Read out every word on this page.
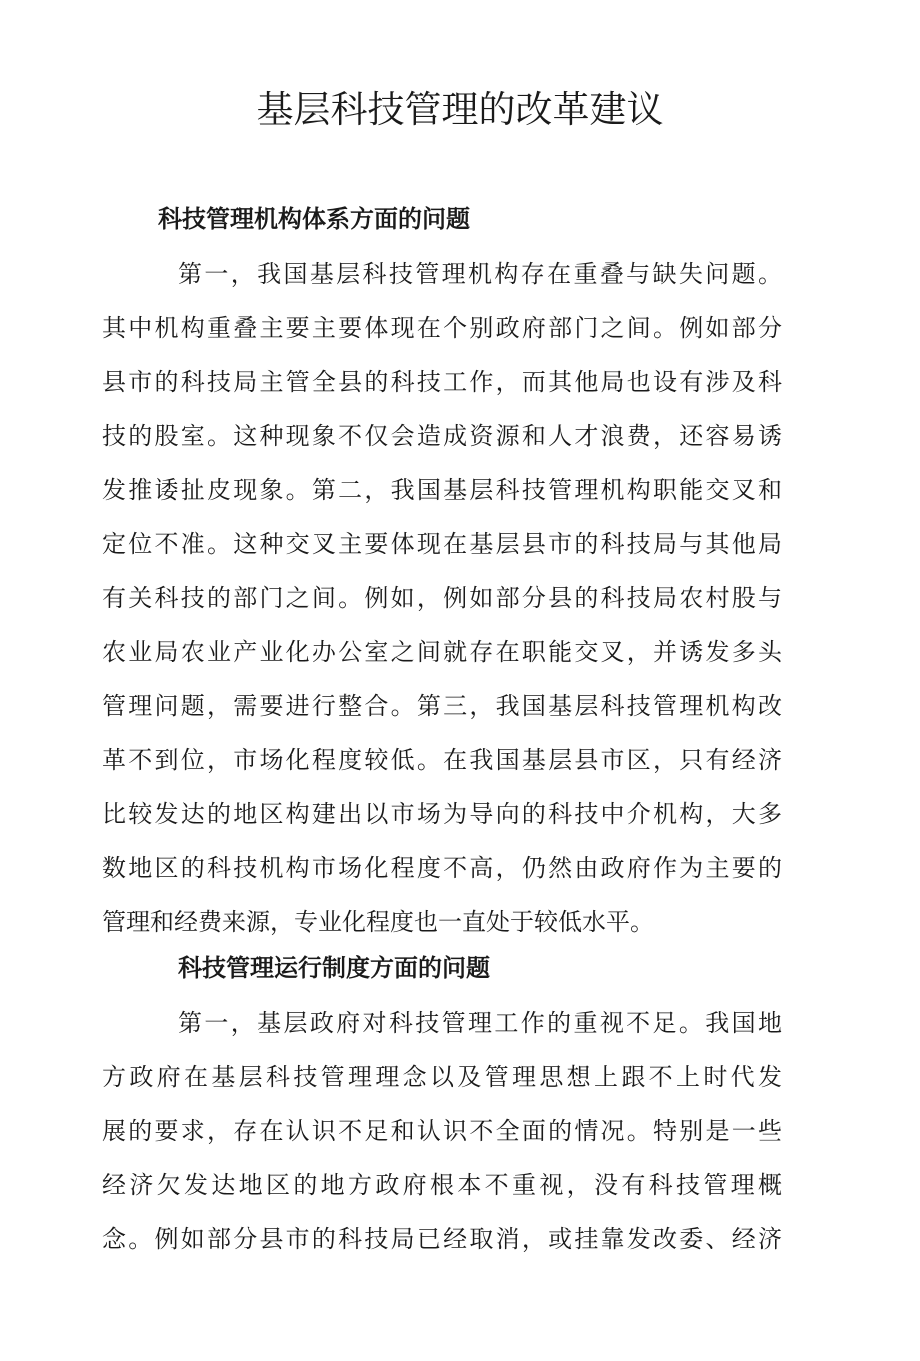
基层科技管理的改革建议
科技管理机构体系方面的问题
第一，我国基层科技管理机构存在重叠与缺失问题。
其中机构重叠主要主要体现在个别政府部门之间。例如部分
县市的科技局主管全县的科技工作，而其他局也设有涉及科
技的股室。这种现象不仅会造成资源和人才浪费，还容易诱
发推诿扯皮现象。第二，我国基层科技管理机构职能交叉和
定位不准。这种交叉主要体现在基层县市的科技局与其他局
有关科技的部门之间。例如，例如部分县的科技局农村股与
农业局农业产业化办公室之间就存在职能交叉，并诱发多头
管理问题，需要进行整合。第三，我国基层科技管理机构改
革不到位，市场化程度较低。在我国基层县市区，只有经济
比较发达的地区构建出以市场为导向的科技中介机构，大多
数地区的科技机构市场化程度不高，仍然由政府作为主要的
管理和经费来源，专业化程度也一直处于较低水平。
科技管理运行制度方面的问题
第一，基层政府对科技管理工作的重视不足。我国地
方政府在基层科技管理理念以及管理思想上跟不上时代发
展的要求，存在认识不足和认识不全面的情况。特别是一些
经济欠发达地区的地方政府根本不重视，没有科技管理概
念。例如部分县市的科技局已经取消，或挂靠发改委、经济
